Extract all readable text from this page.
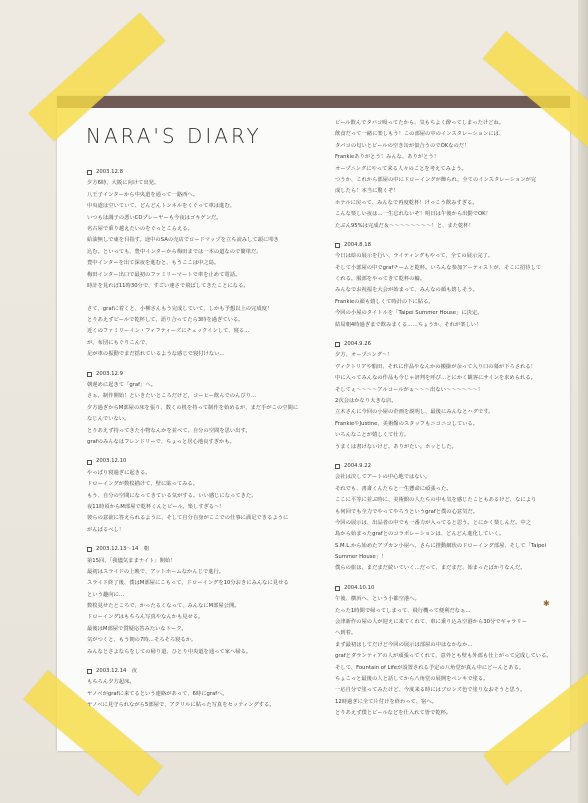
NARA'S DIARY
2003.12.8
夕方6時、大阪に向けて出発。
八王子インターから中央道を通って一路西へ。
中央道は空いていて、どんどんトンネルをくぐって車は進む。
いつもは調子の悪いCDプレーヤーも今夜はゴキゲンだ。
名古屋で乗り越えたいのをぐっとこらえる。
給油無しで東を目指す。途中のSAの売店でロードマップを立ち読みして頭に叩き
込む。といっても、豊中インターから梅田までは一本の道なので簡単だ。
豊中インターを出て深夜を進むと、もうここは中之島。
梅田インター出口で最初のファミリーマートで車を止めて電話。
時計を見れば11時30分で、すごい速さで飛ばしてきたことになる。
さて、grafに着くと、小柳さんもう完成していて、しかも予想以上の完成度！
とりあえずビールで乾杯して、語り合ってたら3時を過ぎている。
近くのファミリーイン・フィフティーズにチェックインして、寝る…
が、布団にもぐりこんで、
足が車の振動でまだ揺れているような感じで寝付けない…
2003.12.9
朝遅めに起きて「graf」へ。
さぁ、制作開始！といきたいところだけど、コーヒー飲んでのんびり…
夕方過ぎからM部屋の床を張り、数くの机を持って制作を始めるが、まだ手がこの空間に
なじんでいない。
とりあえず持ってきた小物なんかを並べて、自分の空間を思い出す。
grafのみんなはフレンドリーで、ちょっと居心地良すぎかも。
2003.12.10
やっぱり寝過ぎに起きる。
ドローイングが数枚描けて、壁に貼ってみる。
もう、自分の空間になってきている気がする。いい感じになってきた。
夜11時頃からM部屋で乾杯くんとビール。楽しすぎる～！
彼らの意欲に答えられるように、そして自分自身がここでの仕事に満足できるように
がんばるべし！
2003.12.13～14　朝
第15回、「我儘気ままナイト」開始！
最初はスライドの上映で、アットホームなかんじで進行。
スライド終了後、僕はM部屋にこもって、ドローイングを10分おきにみんなに見せる
という趣向に…
数枚見せたところで、かったるくなって、みんなにM部屋公開。
ドローイングはもちろん写真やなんかも見せる。
最後はM部屋で質疑応答みたいなトーク。
気がつくと、もう朝の7時…そろそろ寝るか。
みんなとさよならをしての帰り道、ひとり中央道を通って家へ帰る。
2003.12.14　夜
もちろん夕方起床。
ヤノベがgrafに来てるという連絡があって、6時にgrafへ。
ヤノベに見守られながら5部屋で、アクリルに貼った写真をセッティングする。
ビール飲んでタバコ吸ってたから、気もちよく酔ってしまったけどね。
飲食だって一緒に楽しもう！この部屋の中のインスタレーションには、
タバコの匂いとビールの空き缶が似合うのでOKなのだ！
Frankieありがとう！みんな、ありがとう！
オープニングにやって来る人々のことを考えてみよう。
つうか、これから部屋の中にドローイングが飾られ、全てのインスタレーションが完
成したら！本当に驚くぞ！
ホテルに戻って、みんなで再度乾杯！けっこう飲みすぎる。
こんな楽しい夜は…一生忘れないぞ！明日は午後から出勤でOK！
たぶん95%は完成だ＆～～～～～～～～！と、また乾杯！
2004.8.18
今日は絵の展示を行い、ライティングもやって、全ての展示完了。
そして小部屋の中でgrafチームと乾杯。いろんな参加アーティストが、そこに招待して
くれる。服部をやってきて乾杯の輪。
みんなでお祝福を大会が始まって、みんなの顔も嬉しそう。
Frankieの顔も嬉しくて時計の下に貼る。
今回の小屋のタイトルを「Taipei Summer House」に決定。
結局朝4時過ぎまで飲みまくる……ちょうか、それが楽しい！
2004.9.26
夕方、オープニング～！
ヴィクトリアや船田、それに作品やなんかの搬掛が余って入り口の幕が下ろされる！
中に入ってみんなの作品も今じゃ評判を呼び…とにかく観客にサインを求められる。
そしてぇ～～～～アルコールがぁ～～～出ない～～～～～～！
2次会はかなり大きな店。
立木さんに今回の小屋の企画を説明し、最後にみんなとハグです。
FrankieやJustine、美術館のスタッフもニコニコしている。
いろんなことが嬉しくて仕方。
うまくは書けないけど、ありがたい。ホッとした。
2004.9.22
会社は決してアートの中心地ではない。
それでも、書斎くんたちと一生懸命に頑張った。
ここに平等に並ぶ時に、美術館の人たちの中も気を感じたこともあるけど、なにより
も何回でも全力でやってやろうというgrafと僕の心意気だ。
今回の展示は、出品者の中でも一番力が入ってると思う。とにかく楽しんだ。中之
島から始まったgrafとのコラボレーションは、どんどん進化していく。
S.M.L.から始めたアプカン小屋へ、さらに推動網状のドローイング部屋、そして「Taipei
Summer House」！
僕らの旅は、まだまだ続いていく…だって、まだまだ、始まったばかりなんだ。
2004.10.10
午後、横浜へ、という小都空港へ。
たった1時間で帰ってしまって、飛行機って便利だなぁ…
会津新作の屋の人が迎えに来てくれて、車に乗り込み空港から30分でギャラリー
へ到着。
まず最初はしてだけど今回の展示は部屋の中はなかなか…
grafとダランティアの人が頑張ってくれて、意外とも壁も外部も仕上がって完成している。
そして、Fountain of Lifeが設置される予定の八角堂が真ん中にどーんとある。
ちょこっと最後の人と話してから八角堂の展開をペンキで塗る。
一応自分で塗ってみたけど、今度来る時にはブロンズ色で塗りなおそうと思う。
12時過ぎに全て片付けを終わって、宿へ。
とりあえず僕とビールなどを仕入れて皆で乾杯。
✱
